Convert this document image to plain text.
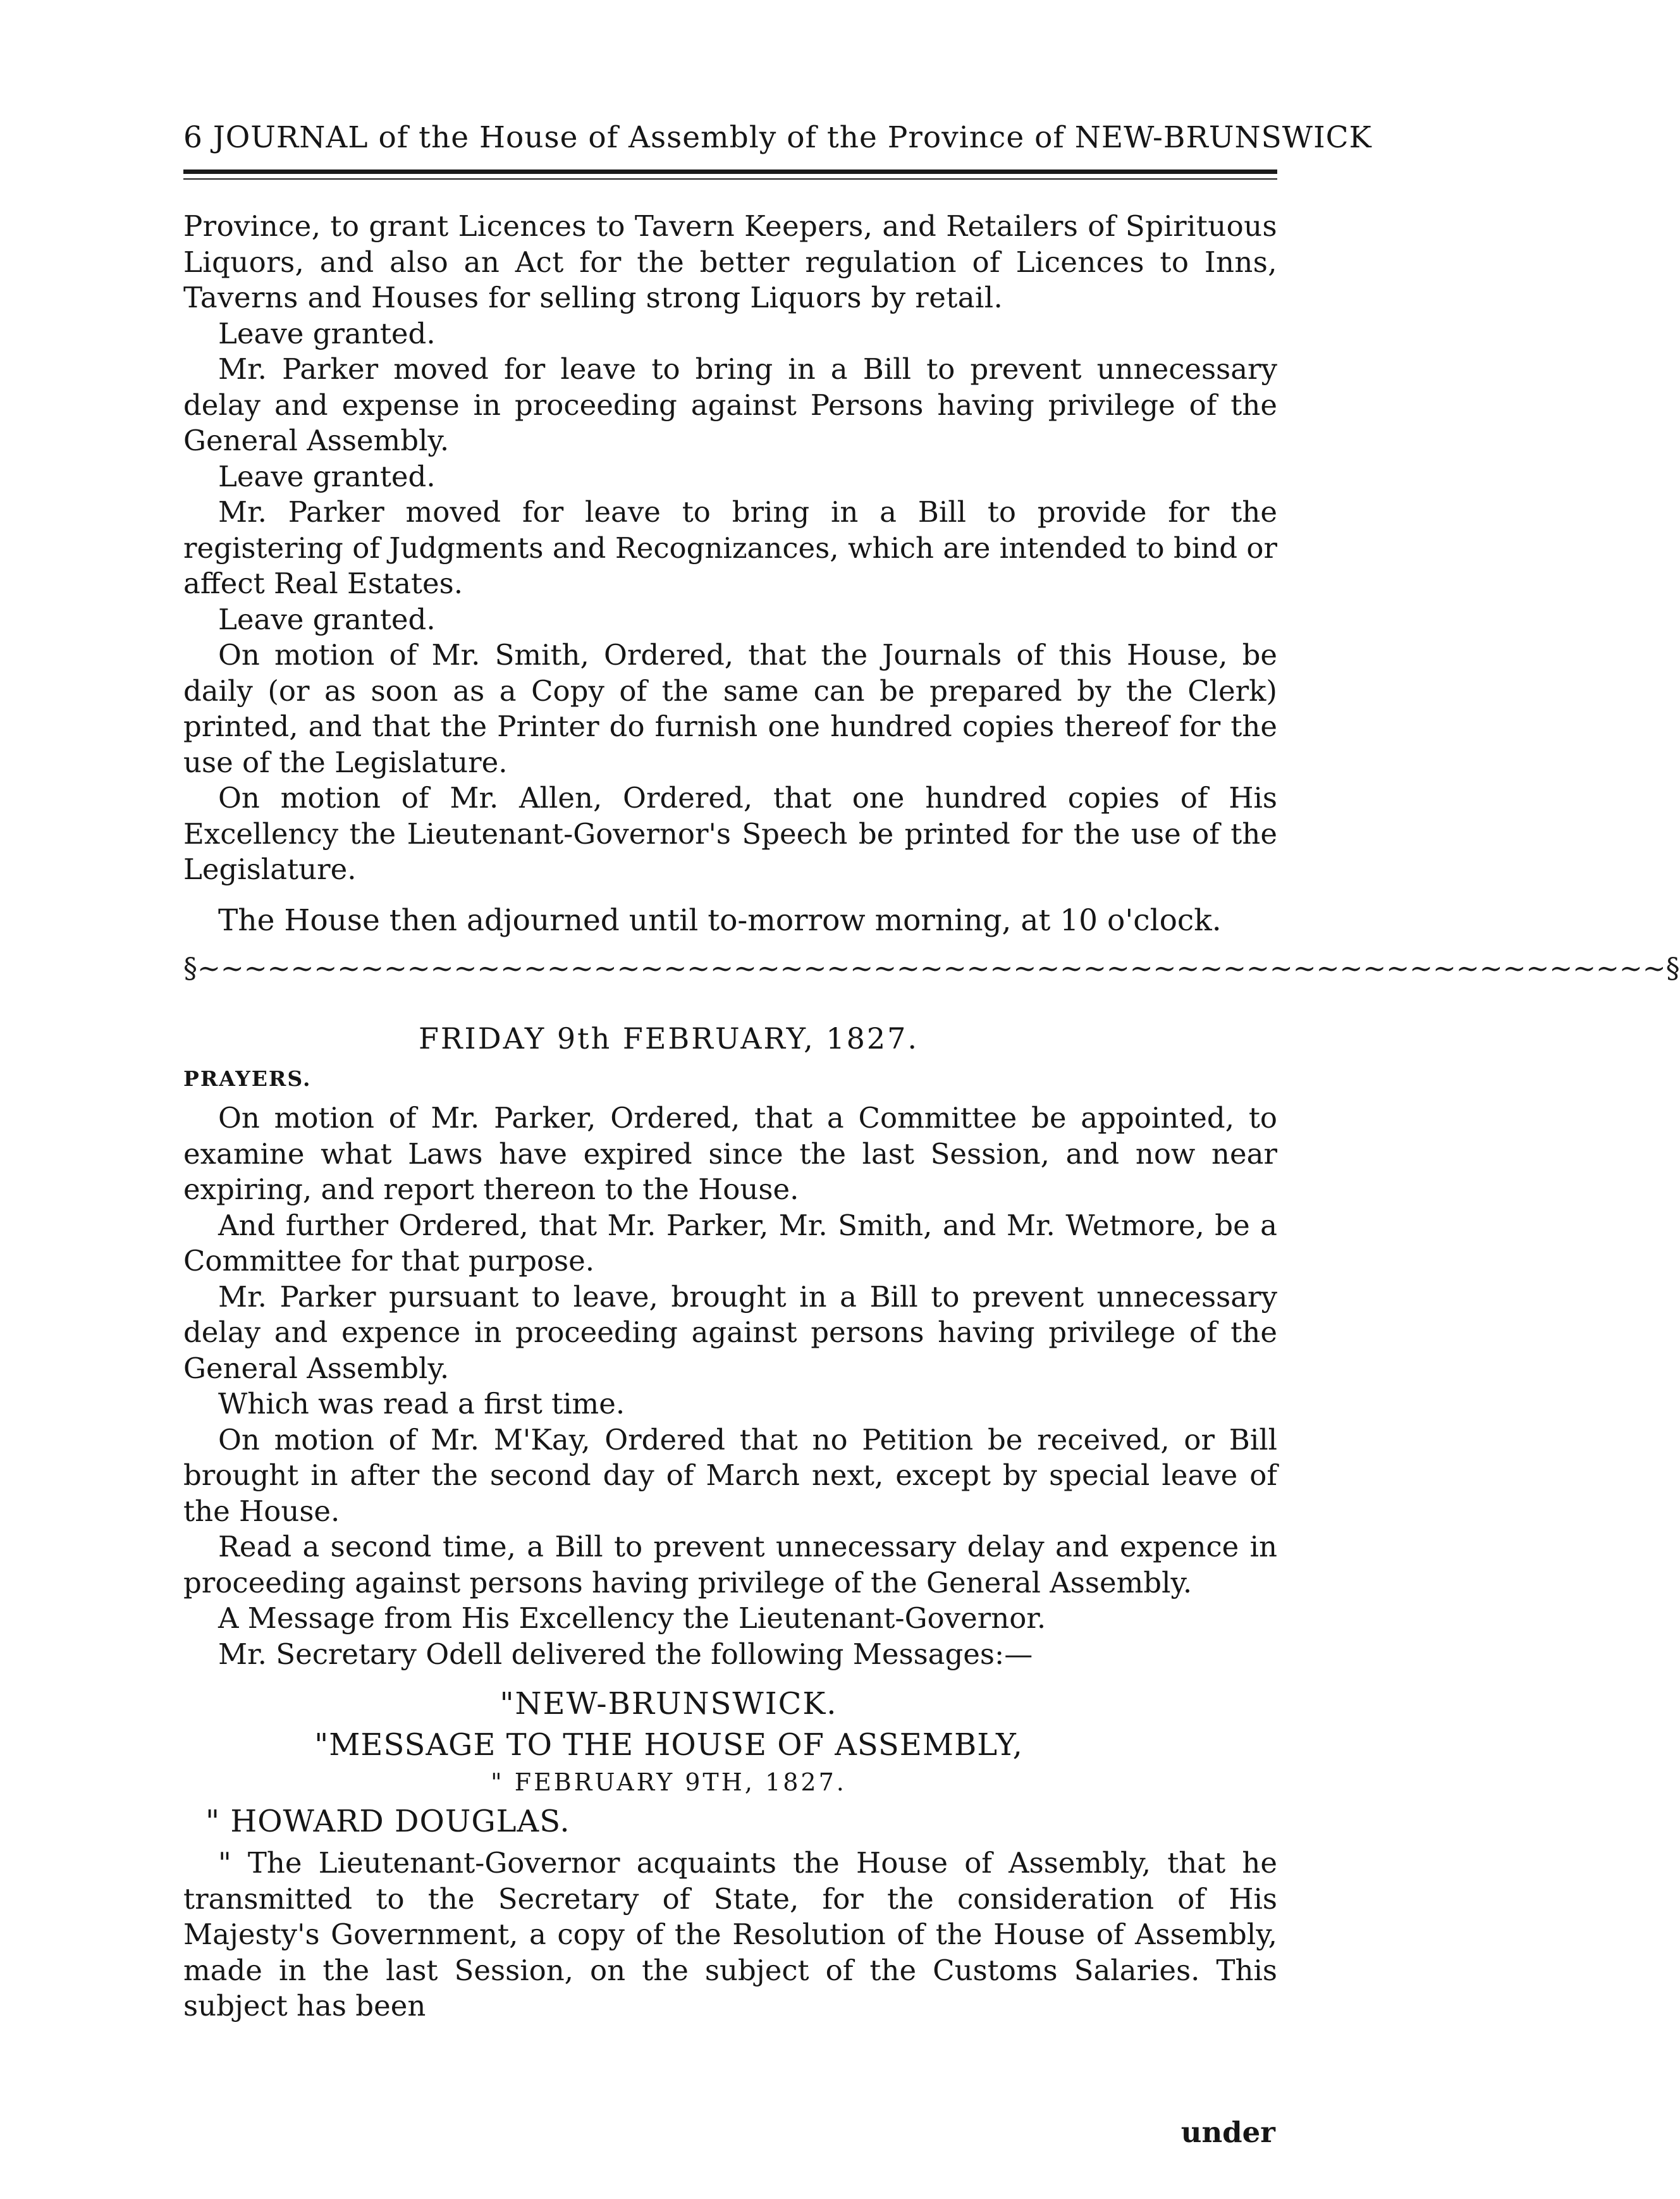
6 JOURNAL of the House of Assembly of the Province of NEW-BRUNSWICK

Province, to grant Licences to Tavern Keepers, and Retailers of Spirituous Liquors, and also an Act for the better regulation of Licences to Inns, Taverns and Houses for selling strong Liquors by retail.

Leave granted.

Mr. Parker moved for leave to bring in a Bill to prevent unnecessary delay and expense in proceeding against Persons having privilege of the General Assembly.

Leave granted.

Mr. Parker moved for leave to bring in a Bill to provide for the registering of Judgments and Recognizances, which are intended to bind or affect Real Estates.

Leave granted.

On motion of Mr. Smith, Ordered, that the Journals of this House, be daily (or as soon as a Copy of the same can be prepared by the Clerk) printed, and that the Printer do furnish one hundred copies thereof for the use of the Legislature.

On motion of Mr. Allen, Ordered, that one hundred copies of His Excellency the Lieutenant-Governor's Speech be printed for the use of the Legislature.

The House then adjourned until to-morrow morning, at 10 o'clock.
§~~~~~~~~~~~~~~~~~~~~~~~~~~~~~~~~~~~~~~~~~~~~~~~~~~~~~~~~~~~~~~~§
FRIDAY 9th FEBRUARY, 1827.
PRAYERS.

On motion of Mr. Parker, Ordered, that a Committee be appointed, to examine what Laws have expired since the last Session, and now near expiring, and report thereon to the House.

And further Ordered, that Mr. Parker, Mr. Smith, and Mr. Wetmore, be a Committee for that purpose.

Mr. Parker pursuant to leave, brought in a Bill to prevent unnecessary delay and expence in proceeding against persons having privilege of the General Assembly.

Which was read a first time.

On motion of Mr. M'Kay, Ordered that no Petition be received, or Bill brought in after the second day of March next, except by special leave of the House.

Read a second time, a Bill to prevent unnecessary delay and expence in proceeding against persons having privilege of the General Assembly.

A Message from His Excellency the Lieutenant-Governor.

Mr. Secretary Odell delivered the following Messages:—

"NEW-BRUNSWICK.
"MESSAGE TO THE HOUSE OF ASSEMBLY,
" FEBRUARY 9TH, 1827.
" HOWARD DOUGLAS.

" The Lieutenant-Governor acquaints the House of Assembly, that he transmitted to the Secretary of State, for the consideration of His Majesty's Government, a copy of the Resolution of the House of Assembly, made in the last Session, on the subject of the Customs Salaries. This subject has been

under
